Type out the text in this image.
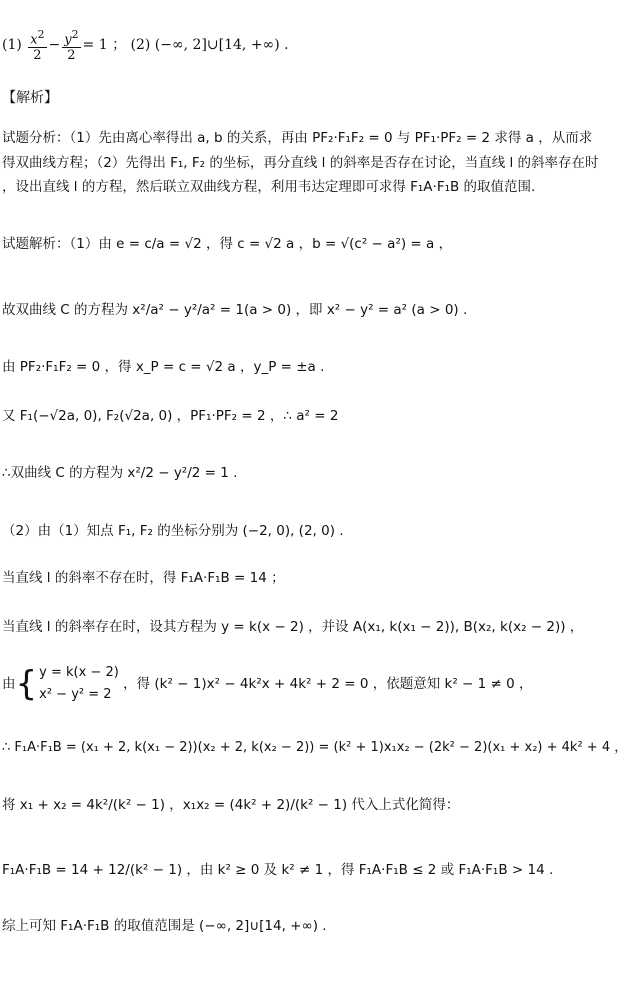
$(1) \frac{x^2}{2} - \frac{y^2}{2} = 1$ ； (2) (−∞, 2]∪[14, +∞) .
【解析】
试题分析：（1）先由离心率得出 a, b 的关系，再由 PF₂·F₁F₂ = 0 与 PF₁·PF₂ = 2 求得 a ，从而求
得双曲线方程；（2）先得出 F₁, F₂ 的坐标，再分直线 l 的斜率是否存在讨论，当直线 l 的斜率存在时
，设出直线 l 的方程，然后联立双曲线方程，利用韦达定理即可求得 F₁A·F₁B 的取值范围.
试题解析：（1）由 e = c/a = √2 ，得 c = √2 a ，b = √(c² − a²) = a ，
故双曲线 C 的方程为 x²/a² − y²/a² = 1(a > 0) ，即 x² − y² = a² (a > 0) .
由 PF₂·F₁F₂ = 0 ，得 x_P = c = √2 a ，y_P = ±a .
又 F₁(−√2a, 0), F₂(√2a, 0) ，PF₁·PF₂ = 2 ，∴ a² = 2
∴双曲线 C 的方程为 x²/2 − y²/2 = 1 .
（2）由（1）知点 F₁, F₂ 的坐标分别为 (−2, 0), (2, 0) .
当直线 l 的斜率不存在时，得 F₁A·F₁B = 14 ；
当直线 l 的斜率存在时，设其方程为 y = k(x − 2) ，并设 A(x₁, k(x₁ − 2)), B(x₂, k(x₂ − 2)) ，
由{ y = k(x − 2)
x² − y² = 2
，得 (k² − 1)x² − 4k²x + 4k² + 2 = 0 ，依题意知 k² − 1 ≠ 0 ，
∴ F₁A·F₁B = (x₁ + 2, k(x₁ − 2))(x₂ + 2, k(x₂ − 2)) = (k² + 1)x₁x₂ − (2k² − 2)(x₁ + x₂) + 4k² + 4 ，
将 x₁ + x₂ = 4k²/(k² − 1) ，x₁x₂ = (4k² + 2)/(k² − 1) 代入上式化简得：
F₁A·F₁B = 14 + 12/(k² − 1) ，由 k² ≥ 0 及 k² ≠ 1 ，得 F₁A·F₁B ≤ 2 或 F₁A·F₁B > 14 .
综上可知 F₁A·F₁B 的取值范围是 (−∞, 2]∪[14, +∞) .
